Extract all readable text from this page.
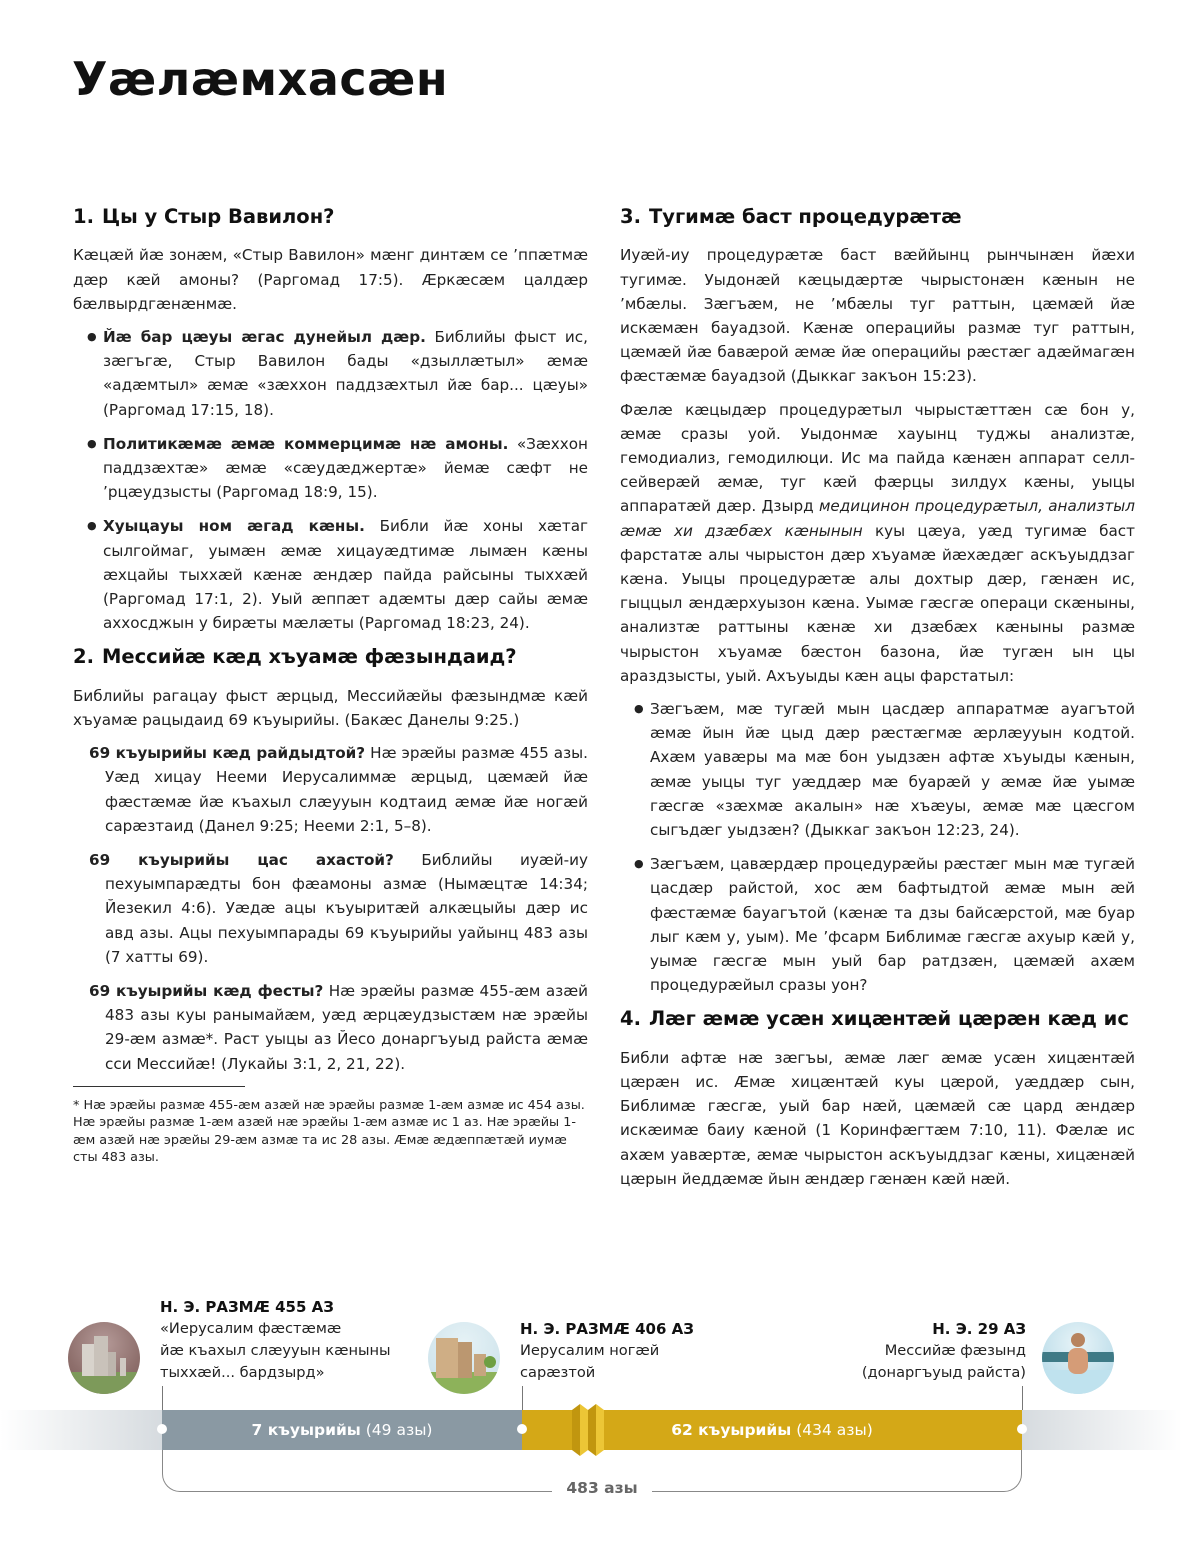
Уæлæмхасæн
1. Цы у Стыр Вавилон?

Кæцæй йæ зонæм, «Стыр Вавилон» мæнг динтæм се ʼппæтмæ дæр кæй амоны? (Раргомад 17:5). Æркæсæм цалдæр бæлвырдгæнæнмæ.

● Йæ бар цæуы æгас дунейыл дæр. Библийы фыст ис, зæгъгæ, Стыр Вавилон бады «дзыллæтыл» æмæ «адæмтыл» æмæ «зæххон паддзæхтыл йæ бар... цæуы» (Раргомад 17:15, 18).
● Политикæмæ æмæ коммерцимæ нæ амоны. «Зæххон паддзæхтæ» æмæ «сæудæджертæ» йемæ сæфт не ʼрцæудзысты (Раргомад 18:9, 15).
● Хуыцауы ном æгад кæны. Библи йæ хоны хæтаг сылгоймаг, уымæн æмæ хицауæдтимæ лымæн кæны æхцайы тыххæй кæнæ æндæр пайда райсыны тыххæй (Раргомад 17:1, 2). Уый æппæт адæмты дæр сайы æмæ аххосджын у бирæты мæлæты (Раргомад 18:23, 24).
2. Мессийæ кæд хъуамæ фæзындаид?

Библийы рагацау фыст æрцыд, Мессийæйы фæзындмæ кæй хъуамæ рацыдаид 69 къуырийы. (Бакæс Данелы 9:25.)

69 къуырийы кæд райдыдтой? Нæ эрæйы размæ 455 азы. Уæд хицау Нееми Иерусалиммæ æрцыд, цæмæй йæ фæстæмæ йæ къахыл слæууын кодтаид æмæ йæ ногæй сарæзтаид (Данел 9:25; Нееми 2:1, 5–8).

69 къуырийы цас ахастой? Библийы иуæй-иу пехуымпарæдты бон фæамоны азмæ (Нымæцтæ 14:34; Йезекил 4:6). Уæдæ ацы къуыритæй алкæцыйы дæр ис авд азы. Ацы пехуымпарады 69 къуырийы уайынц 483 азы (7 хатты 69).

69 къуырийы кæд фесты? Нæ эрæйы размæ 455-æм азæй 483 азы куы ранымайæм, уæд æрцæудзыстæм нæ эрæйы 29-æм азмæ*. Раст уыцы аз Йесо донаргъуыд райста æмæ сси Мессийæ! (Лукайы 3:1, 2, 21, 22).

* Нæ эрæйы размæ 455-æм азæй нæ эрæйы размæ 1-æм азмæ ис 454 азы. Нæ эрæйы размæ 1-æм азæй нæ эрæйы 1-æм азмæ ис 1 аз. Нæ эрæйы 1-æм азæй нæ эрæйы 29-æм азмæ та ис 28 азы. Æмæ æдæппæтæй иумæ сты 483 азы.

3. Тугимæ баст процедурæтæ

Иуæй-иу процедурæтæ баст вæййынц рынчынæн йæхи тугимæ. Уыдонæй кæцыдæртæ чырыстонæн кæнын не ʼмбæлы. Зæгъæм, не ʼмбæлы туг раттын, цæмæй йæ искæмæн бауадзой. Кæнæ операцийы размæ туг раттын, цæмæй йæ бавæрой æмæ йæ операцийы рæстæг адæймагæн фæстæмæ бауадзой (Дыккаг закъон 15:23).

Фæлæ кæцыдæр процедурæтыл чырыстæттæн сæ бон у, æмæ сразы уой. Уыдонмæ хауынц туджы анализтæ, гемодиализ, гемодилюци. Ис ма пайда кæнæн аппарат селл-сейверæй æмæ, туг кæй фæрцы зилдух кæны, уыцы аппаратæй дæр. Дзырд медицинон процедурæтыл, анализтыл æмæ хи дзæбæх кæнынын куы цæуа, уæд тугимæ баст фарстатæ алы чырыстон дæр хъуамæ йæхæдæг аскъуыддзаг кæна. Уыцы процедурæтæ алы дохтыр дæр, гæнæн ис, гыццыл æндæрхуызон кæна. Уымæ гæсгæ операци скæныны, анализтæ раттыны кæнæ хи дзæбæх кæныны размæ чырыстон хъуамæ бæстон базона, йæ тугæн ын цы араздзысты, уый. Ахъуыды кæн ацы фарстатыл:

● Зæгъæм, мæ тугæй мын цасдæр аппаратмæ ауагътой æмæ йын йæ цыд дæр рæстæгмæ æрлæууын кодтой. Ахæм уавæры ма мæ бон уыдзæн афтæ хъуыды кæнын, æмæ уыцы туг уæддæр мæ буарæй у æмæ йæ уымæ гæсгæ «зæхмæ акалын» нæ хъæуы, æмæ мæ цæсгом сыгъдæг уыдзæн? (Дыккаг закъон 12:23, 24).
● Зæгъæм, цавæрдæр процедурæйы рæстæг мын мæ тугæй цасдæр райстой, хос æм бафтыдтой æмæ мын æй фæстæмæ бауагътой (кæнæ та дзы байсæрстой, мæ буар лыг кæм у, уым). Ме ʼфсарм Библимæ гæсгæ ахуыр кæй у, уымæ гæсгæ мын уый бар ратдзæн, цæмæй ахæм процедурæйыл сразы уон?
4. Лæг æмæ усæн хицæнтæй цæрæн кæд ис

Библи афтæ нæ зæгъы, æмæ лæг æмæ усæн хицæнтæй цæрæн ис. Æмæ хицæнтæй куы цæрой, уæддæр сын, Библимæ гæсгæ, уый бар нæй, цæмæй сæ цард æндæр искæимæ баиу кæной (1 Коринфæгтæм 7:10, 11). Фæлæ ис ахæм уавæртæ, æмæ чырыстон аскъуыддзаг кæны, хицæнæй цæрын йеддæмæ йын æндæр гæнæн кæй нæй.

Н. Э. РАЗМÆ 455 АЗ
«Иерусалим фæстæмæ
йæ къахыл слæууын кæныны
тыххæй... бардзырд»
Н. Э. РАЗМÆ 406 АЗ
Иерусалим ногæй
сарæзтой
Н. Э. 29 АЗ
Мессийæ фæзынд
(донаргъуыд райста)
7 къуырийы (49 азы)	62 къуырийы (434 азы)
483 азы
